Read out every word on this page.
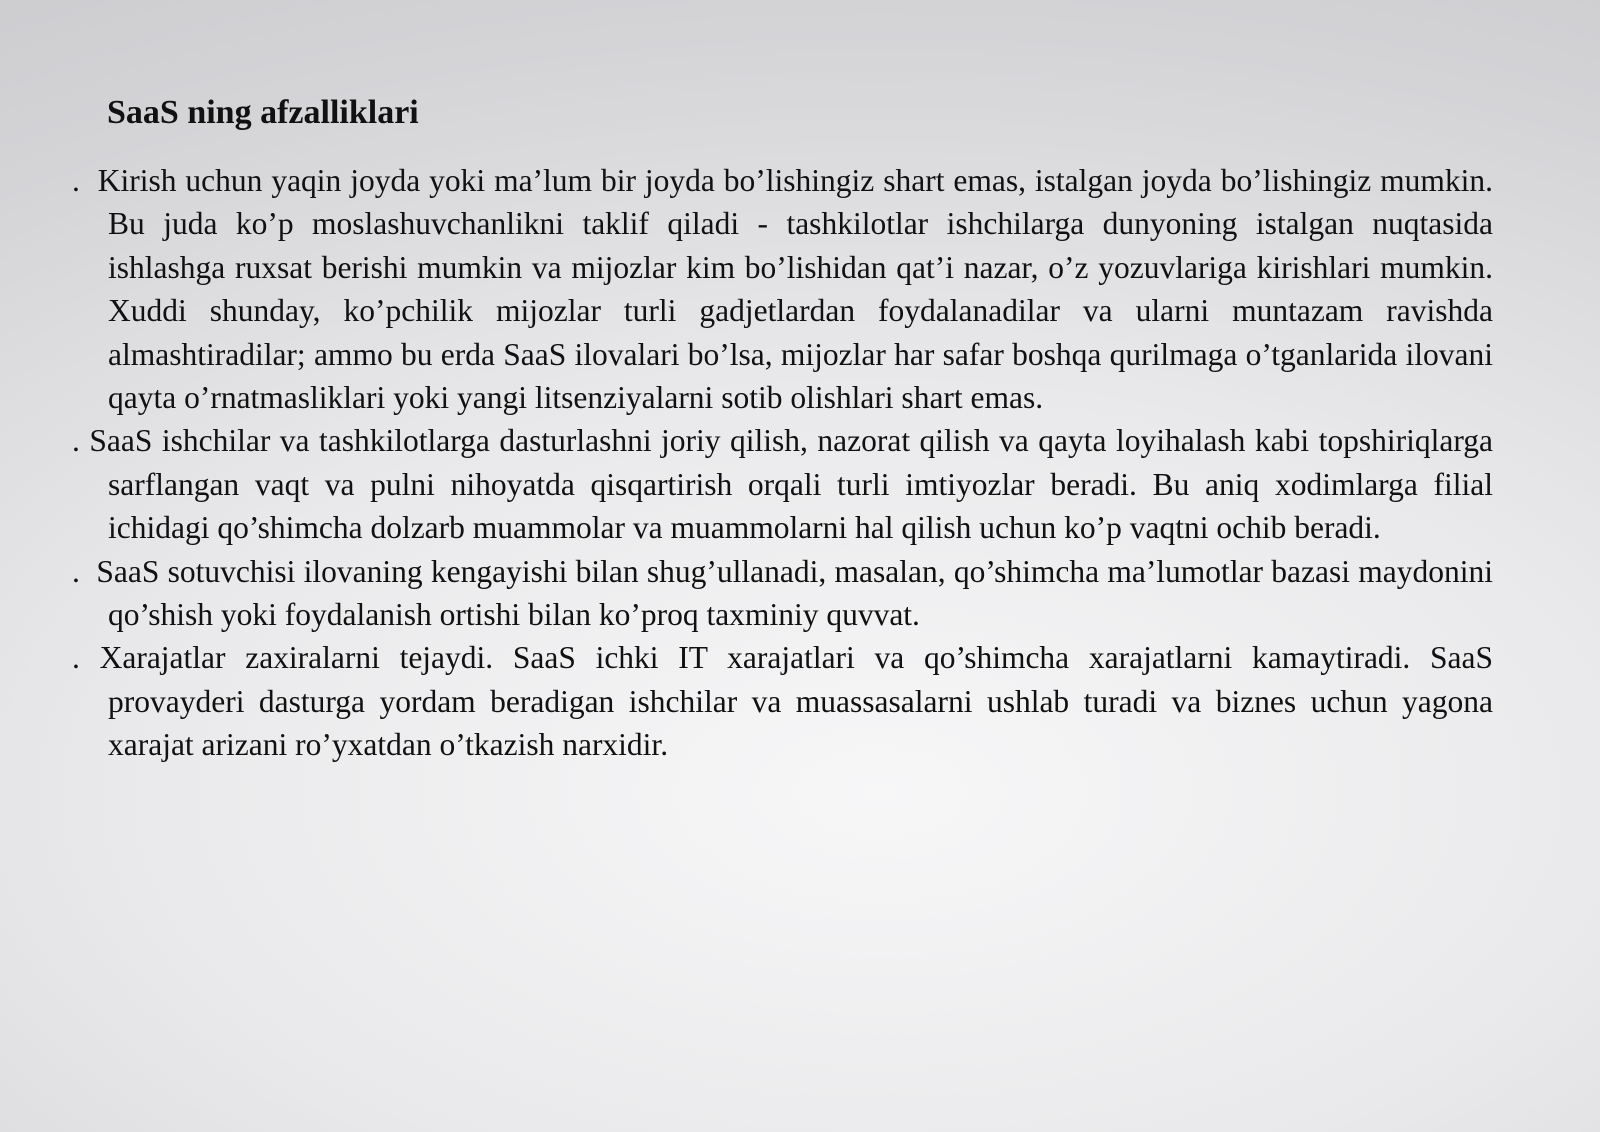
SaaS ning afzalliklari

. Kirish uchun yaqin joyda yoki ma’lum bir joyda bo’lishingiz shart emas, istalgan joyda bo’lishingiz mumkin. Bu juda ko’p moslashuvchanlikni taklif qiladi - tashkilotlar ishchilarga dunyoning istalgan nuqtasida ishlashga ruxsat berishi mumkin va mijozlar kim bo’lishidan qat’i nazar, o’z yozuvlariga kirishlari mumkin. Xuddi shunday, ko’pchilik mijozlar turli gadjetlardan foydalanadilar va ularni muntazam ravishda almashtiradilar; ammo bu erda SaaS ilovalari bo’lsa, mijozlar har safar boshqa qurilmaga o’tganlarida ilovani qayta o’rnatmasliklari yoki yangi litsenziyalarni sotib olishlari shart emas.

. SaaS ishchilar va tashkilotlarga dasturlashni joriy qilish, nazorat qilish va qayta loyihalash kabi topshiriqlarga sarflangan vaqt va pulni nihoyatda qisqartirish orqali turli imtiyozlar beradi. Bu aniq xodimlarga filial ichidagi qo’shimcha dolzarb muammolar va muammolarni hal qilish uchun ko’p vaqtni ochib beradi.

. SaaS sotuvchisi ilovaning kengayishi bilan shug’ullanadi, masalan, qo’shimcha ma’lumotlar bazasi maydonini qo’shish yoki foydalanish ortishi bilan ko’proq taxminiy quvvat.

. Xarajatlar zaxiralarni tejaydi. SaaS ichki IT xarajatlari va qo’shimcha xarajatlarni kamaytiradi. SaaS provayderi dasturga yordam beradigan ishchilar va muassasalarni ushlab turadi va biznes uchun yagona xarajat arizani ro’yxatdan o’tkazish narxidir.
